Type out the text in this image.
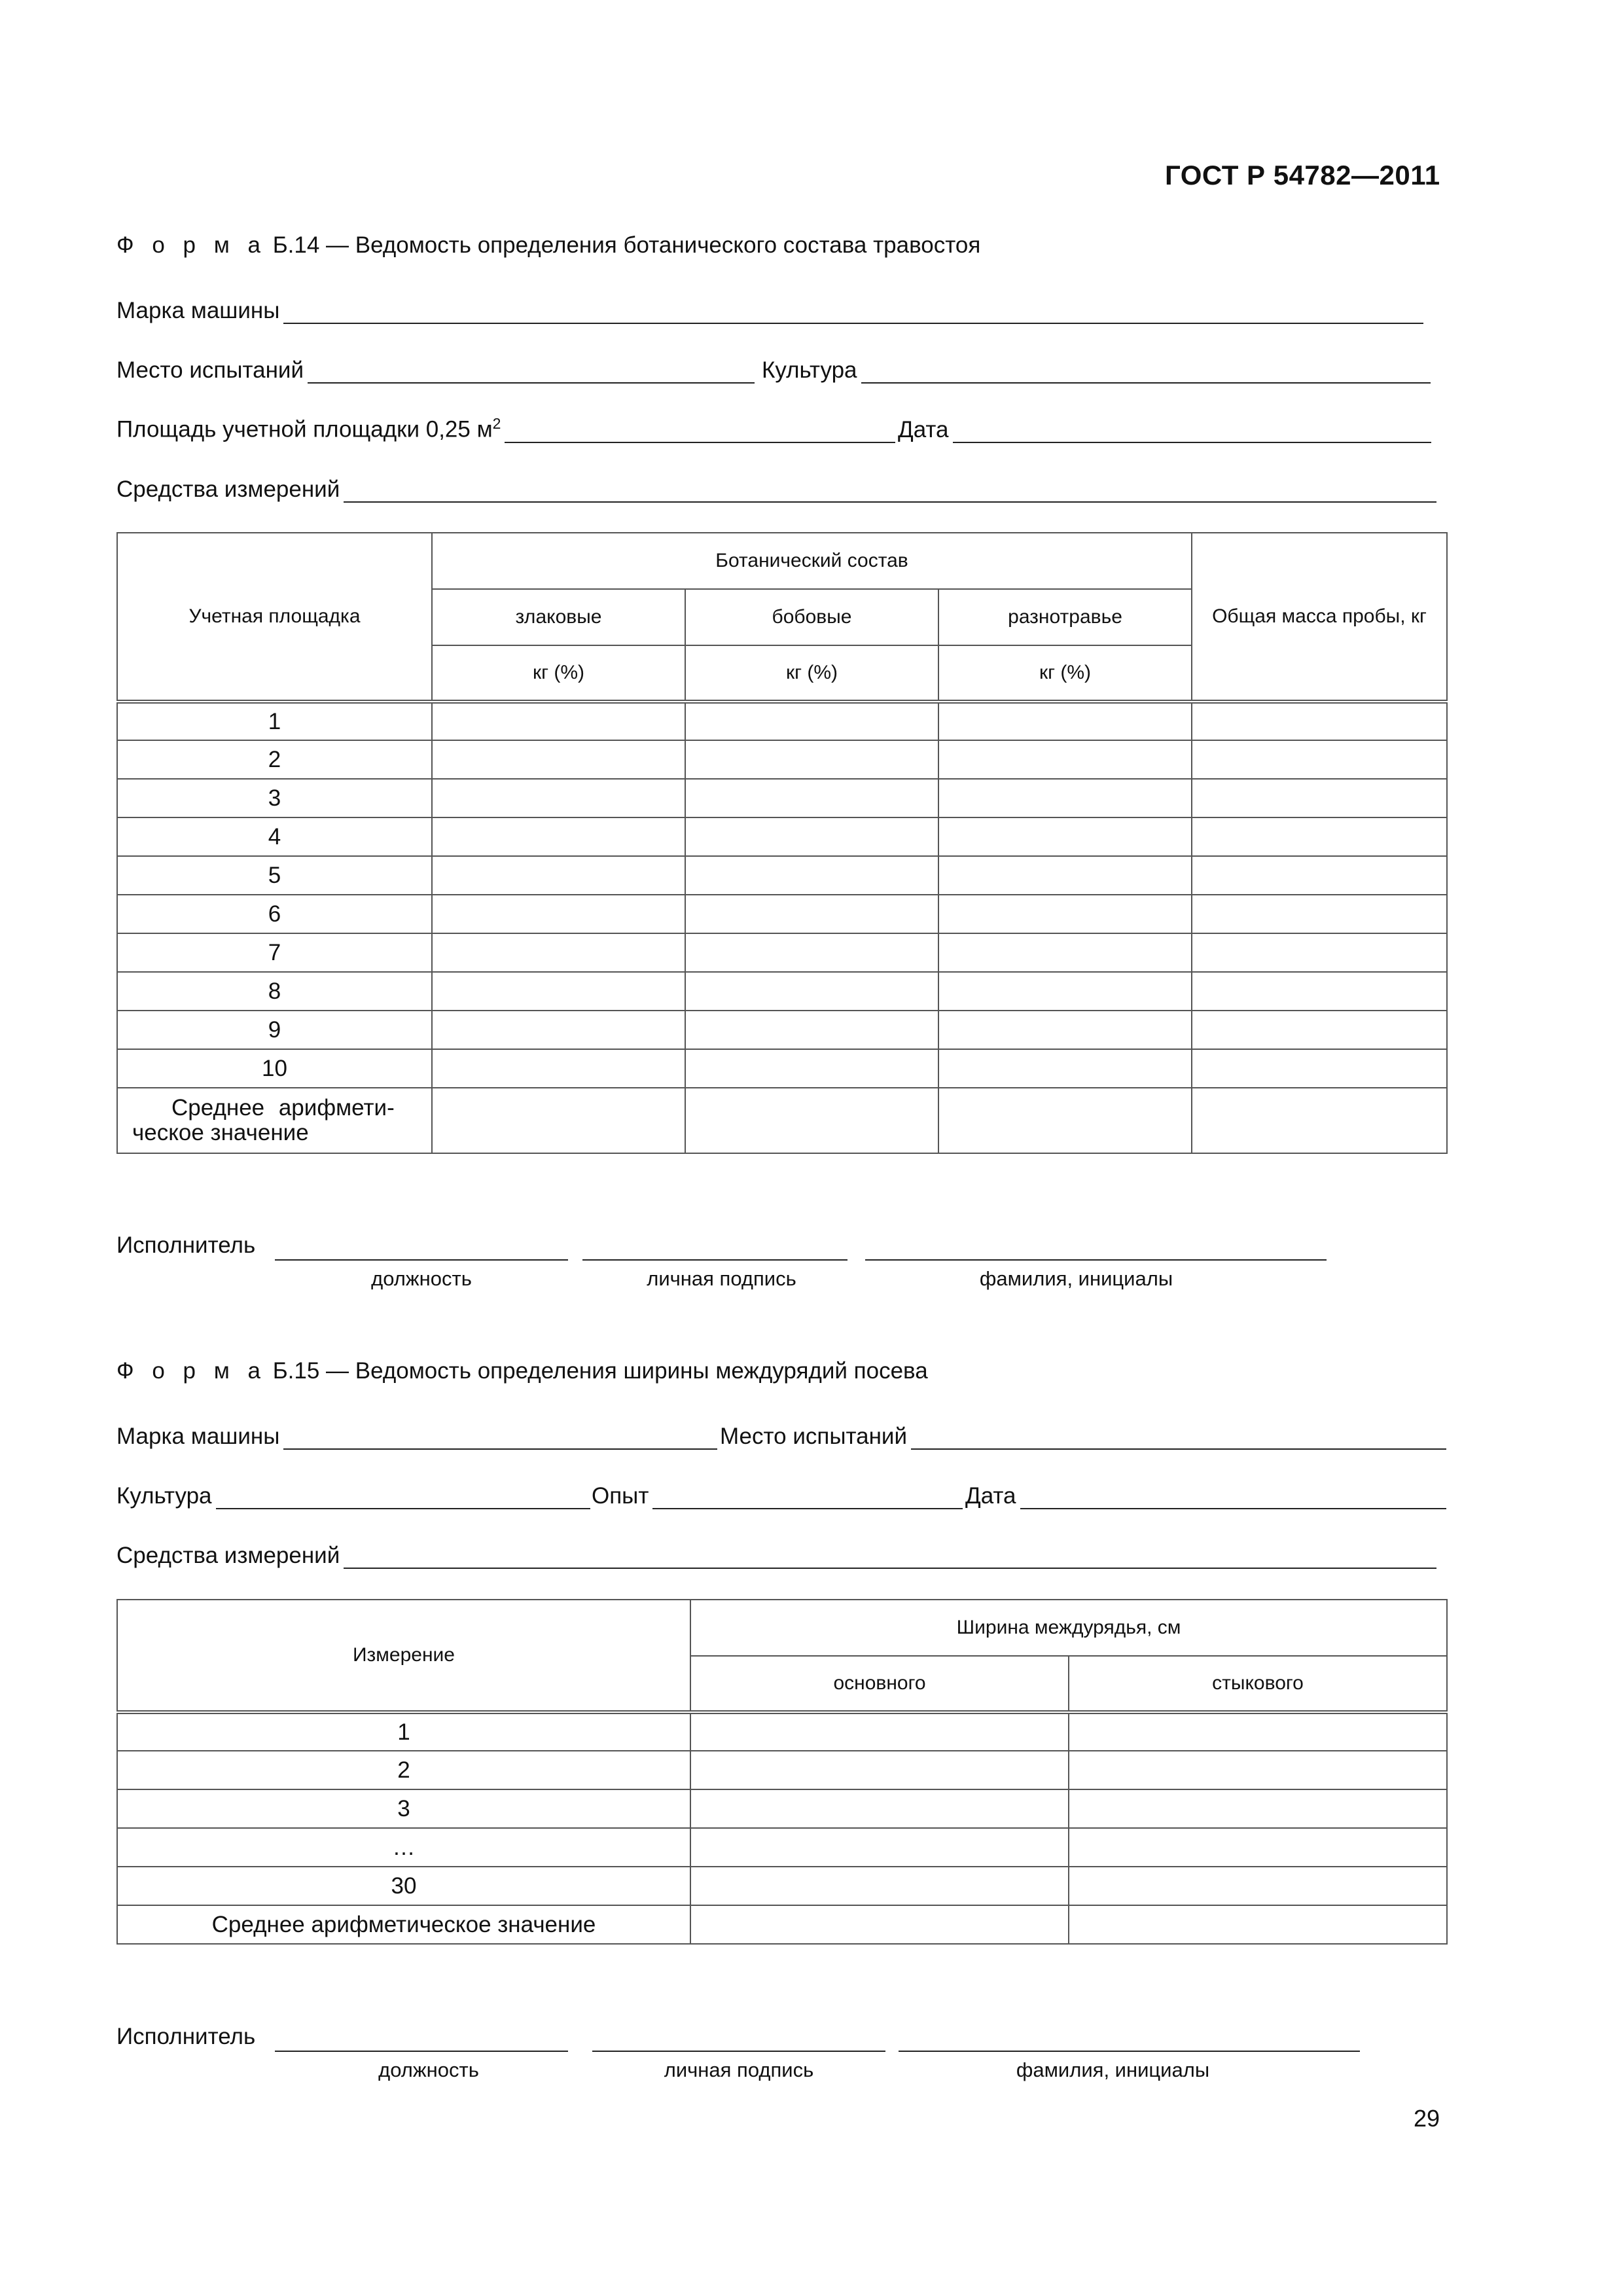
ГОСТ Р 54782—2011
Ф о р м а Б.14 — Ведомость определения ботанического состава травостоя
Марка машины
Место испытаний	Культура
Площадь учетной площадки 0,25 $м^2$	Дата
Средства измерений
Учетная площадка	Ботанический состав			Общая масса пробы, кг
	злаковые	бобовые	разнотравье	
	кг (%)	кг (%)	кг (%)	
1				
2				
3				
4				
5				
6				
7				
8				
9				
10				

Среднее арифмети-
ческое значение				

Исполнитель
должность	личная подпись	фамилия, инициалы
Ф о р м а Б.15 — Ведомость определения ширины междурядий посева
Марка машины	Место испытаний
Культура	Опыт	Дата
Средства измерений
Измерение	Ширина междурядья, см	
	основного	стыкового
1		
2		
3		
…		
30		
Среднее арифметическое значение		
Исполнитель
должность	личная подпись	фамилия, инициалы
29
